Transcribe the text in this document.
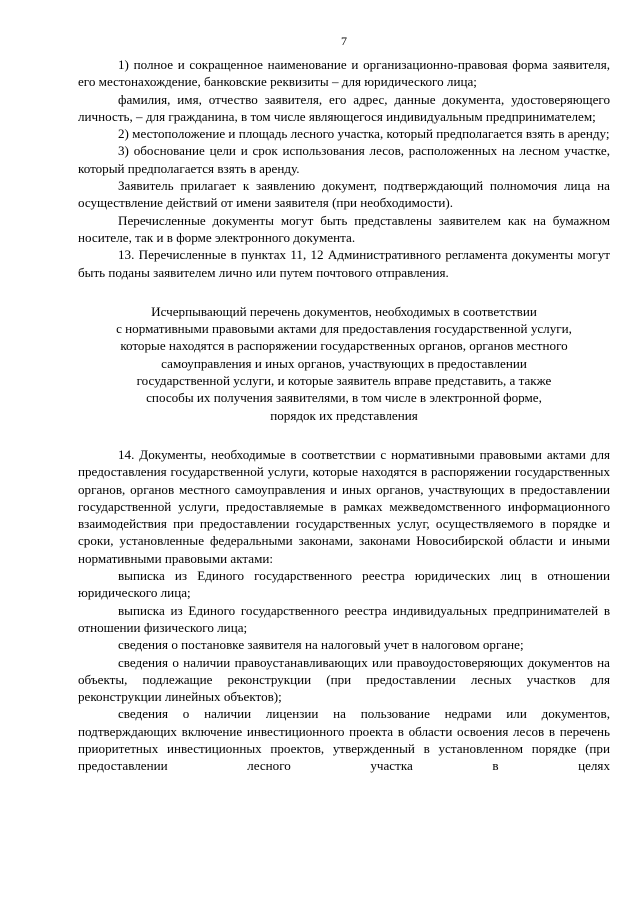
7

1) полное и сокращенное наименование и организационно-правовая форма заявителя, его местонахождение, банковские реквизиты – для юридического лица;

фамилия, имя, отчество заявителя, его адрес, данные документа, удостоверяющего личность, – для гражданина, в том числе являющегося индивидуальным предпринимателем;

2) местоположение и площадь лесного участка, который предполагается взять в аренду;

3) обоснование цели и срок использования лесов, расположенных на лесном участке, который предполагается взять в аренду.

Заявитель прилагает к заявлению документ, подтверждающий полномочия лица на осуществление действий от имени заявителя (при необходимости).

Перечисленные документы могут быть представлены заявителем как на бумажном носителе, так и в форме электронного документа.

13. Перечисленные в пунктах 11, 12 Административного регламента документы могут быть поданы заявителем лично или путем почтового отправления.

Исчерпывающий перечень документов, необходимых в соответствии
с нормативными правовыми актами для предоставления государственной услуги,
которые находятся в распоряжении государственных органов, органов местного
самоуправления и иных органов, участвующих в предоставлении
государственной услуги, и которые заявитель вправе представить, а также
способы их получения заявителями, в том числе в электронной форме,
порядок их представления

14. Документы, необходимые в соответствии с нормативными правовыми актами для предоставления государственной услуги, которые находятся в распоряжении государственных органов, органов местного самоуправления и иных органов, участвующих в предоставлении государственной услуги, предоставляемые в рамках межведомственного информационного взаимодействия при предоставлении государственных услуг, осуществляемого в порядке и сроки, установленные федеральными законами, законами Новосибирской области и иными нормативными правовыми актами:

выписка из Единого государственного реестра юридических лиц в отношении юридического лица;

выписка из Единого государственного реестра индивидуальных предпринимателей в отношении физического лица;

сведения о постановке заявителя на налоговый учет в налоговом органе;

сведения о наличии правоустанавливающих или правоудостоверяющих документов на объекты, подлежащие реконструкции (при предоставлении лесных участков для реконструкции линейных объектов);

сведения о наличии лицензии на пользование недрами или документов, подтверждающих включение инвестиционного проекта в области освоения лесов в перечень приоритетных инвестиционных проектов, утвержденный в установленном порядке (при предоставлении лесного участка в целях
